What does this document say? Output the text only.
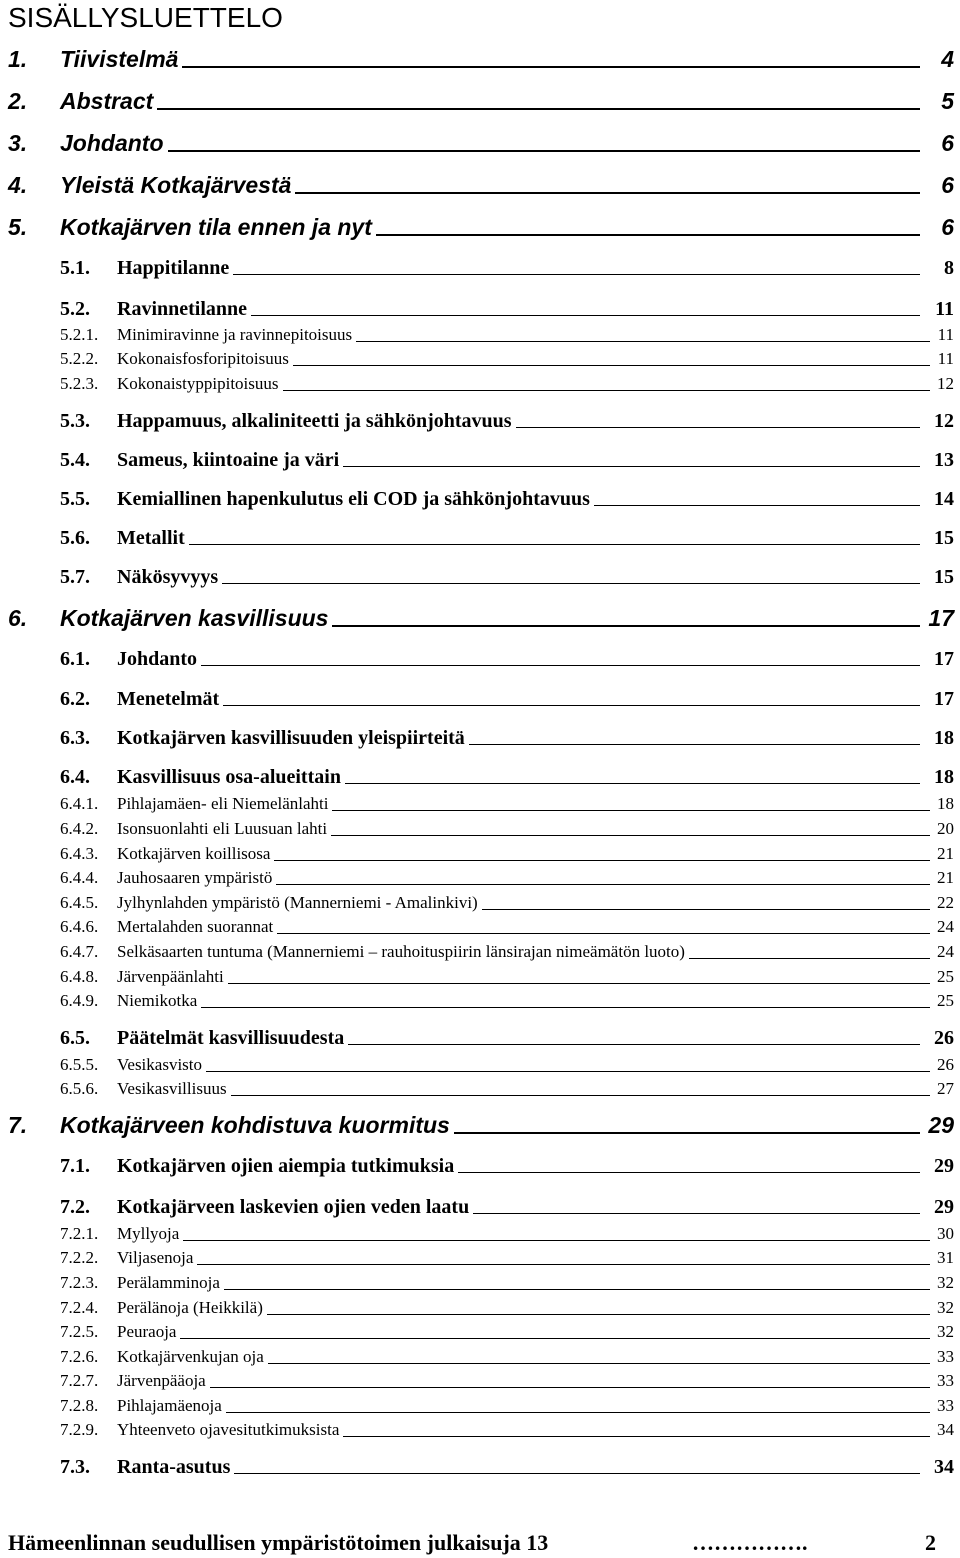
SISÄLLYSLUETTELO
1. Tiivistelmä	4
2. Abstract	5
3. Johdanto	6
4. Yleistä Kotkajärvestä	6
5. Kotkajärven tila ennen ja nyt	6
5.1. Happitilanne	8
5.2. Ravinnetilanne	11
5.2.1. Minimiravinne ja ravinnepitoisuus	11
5.2.2. Kokonaisfosforipitoisuus	11
5.2.3. Kokonaistyppipitoisuus	12
5.3. Happamuus, alkaliniteetti ja sähkönjohtavuus	12
5.4. Sameus, kiintoaine ja väri	13
5.5. Kemiallinen hapenkulutus eli COD ja sähkönjohtavuus	14
5.6. Metallit	15
5.7. Näkösyvyys	15
6. Kotkajärven kasvillisuus	17
6.1. Johdanto	17
6.2. Menetelmät	17
6.3. Kotkajärven kasvillisuuden yleispiirteitä	18
6.4. Kasvillisuus osa-alueittain	18
6.4.1. Pihlajamäen- eli Niemelänlahti	18
6.4.2. Isonsuonlahti eli Luusuan lahti	20
6.4.3. Kotkajärven koillisosa	21
6.4.4. Jauhosaaren ympäristö	21
6.4.5. Jylhynlahden ympäristö (Mannerniemi - Amalinkivi)	22
6.4.6. Mertalahden suorannat	24
6.4.7. Selkäsaarten tuntuma (Mannerniemi – rauhoituspiirin länsirajan nimeämätön luoto)	24
6.4.8. Järvenpäänlahti	25
6.4.9. Niemikotka	25
6.5. Päätelmät kasvillisuudesta	26
6.5.5. Vesikasvisto	26
6.5.6. Vesikasvillisuus	27
7. Kotkajärveen kohdistuva kuormitus	29
7.1. Kotkajärven ojien aiempia tutkimuksia	29
7.2. Kotkajärveen laskevien ojien veden laatu	29
7.2.1. Myllyoja	30
7.2.2. Viljasenoja	31
7.2.3. Perälamminoja	32
7.2.4. Perälänoja (Heikkilä)	32
7.2.5. Peuraoja	32
7.2.6. Kotkajärvenkujan oja	33
7.2.7. Järvenpääoja	33
7.2.8. Pihlajamäenoja	33
7.2.9. Yhteenveto ojavesitutkimuksista	34
7.3. Ranta-asutus	34
Hämeenlinnan seudullisen ympäristötoimen julkaisuja 13	…………….	2
